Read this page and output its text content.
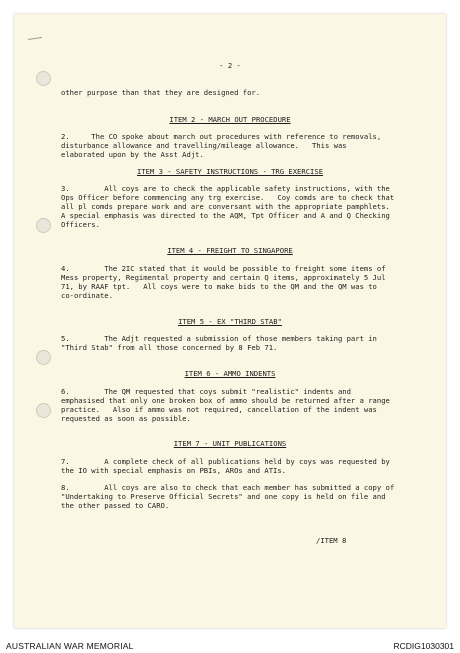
- 2 -
other purpose than that they are designed for.
ITEM 2 - MARCH OUT PROCEDURE
2.     The CO spoke about march out procedures with reference to removals,
disturbance allowance and travelling/mileage allowance.   This was
elaborated upon by the Asst Adjt.
ITEM 3 - SAFETY INSTRUCTIONS - TRG EXERCISE
3.        All coys are to check the applicable safety instructions, with the
Ops Officer before commencing any trg exercise.   Coy comds are to check that
all pl comds prepare work and are conversant with the appropriate pamphlets.
A special emphasis was directed to the AQM, Tpt Officer and A and Q Checking
Officers.
ITEM 4 - FREIGHT TO SINGAPORE
4.        The 2IC stated that it would be possible to freight some items of
Mess property, Regimental property and certain Q items, approximately 5 Jul
71, by RAAF tpt.   All coys were to make bids to the QM and the QM was to
co-ordinate.
ITEM 5 - EX "THIRD STAB"
5.        The Adjt requested a submission of those members taking part in
"Third Stab" from all those concerned by 8 Feb 71.
ITEM 6 - AMMO INDENTS
6.        The QM requested that coys submit "realistic" indents and
emphasised that only one broken box of ammo should be returned after a range
practice.   Also if ammo was not required, cancellation of the indent was
requested as soon as possible.
ITEM 7 - UNIT PUBLICATIONS
7.        A complete check of all publications held by coys was requested by
the IO with special emphasis on PBIs, AROs and ATIs.
8.        All coys are also to check that each member has submitted a copy of
"Undertaking to Preserve Official Secrets" and one copy is held on file and
the other passed to CARO.
/ITEM 8
AUSTRALIAN WAR MEMORIAL	RCDIG1030301
